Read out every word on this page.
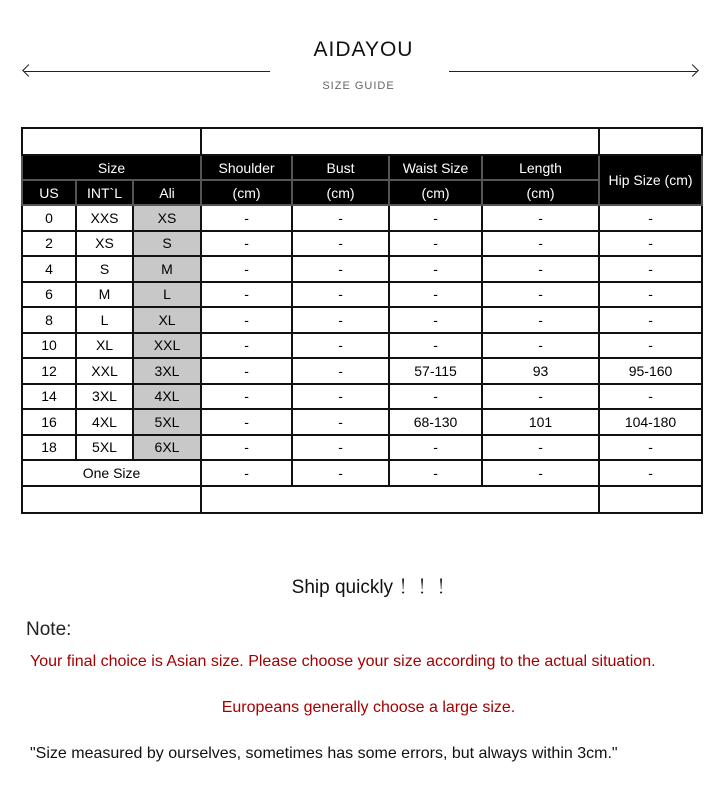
AIDAYOU
SIZE GUIDE

Size			Shoulder	Bust	Waist Size	Length	Hip Size (cm)
US	INT`L	Ali	(cm)	(cm)	(cm)	(cm)	
0	XXS	XS	-	-	-	-	-
2	XS	S	-	-	-	-	-
4	S	M	-	-	-	-	-
6	M	L	-	-	-	-	-
8	L	XL	-	-	-	-	-
10	XL	XXL	-	-	-	-	-
12	XXL	3XL	-	-	57-115	93	95-160
14	3XL	4XL	-	-	-	-	-
16	4XL	5XL	-	-	68-130	101	104-180
18	5XL	6XL	-	-	-	-	-
One Size			-	-	-	-	-

Ship quickly ！！！
Note:
Your final choice is Asian size. Please choose your size according to the actual situation.
Europeans generally choose a large size.
"Size measured by ourselves, sometimes has some errors, but always within 3cm."
